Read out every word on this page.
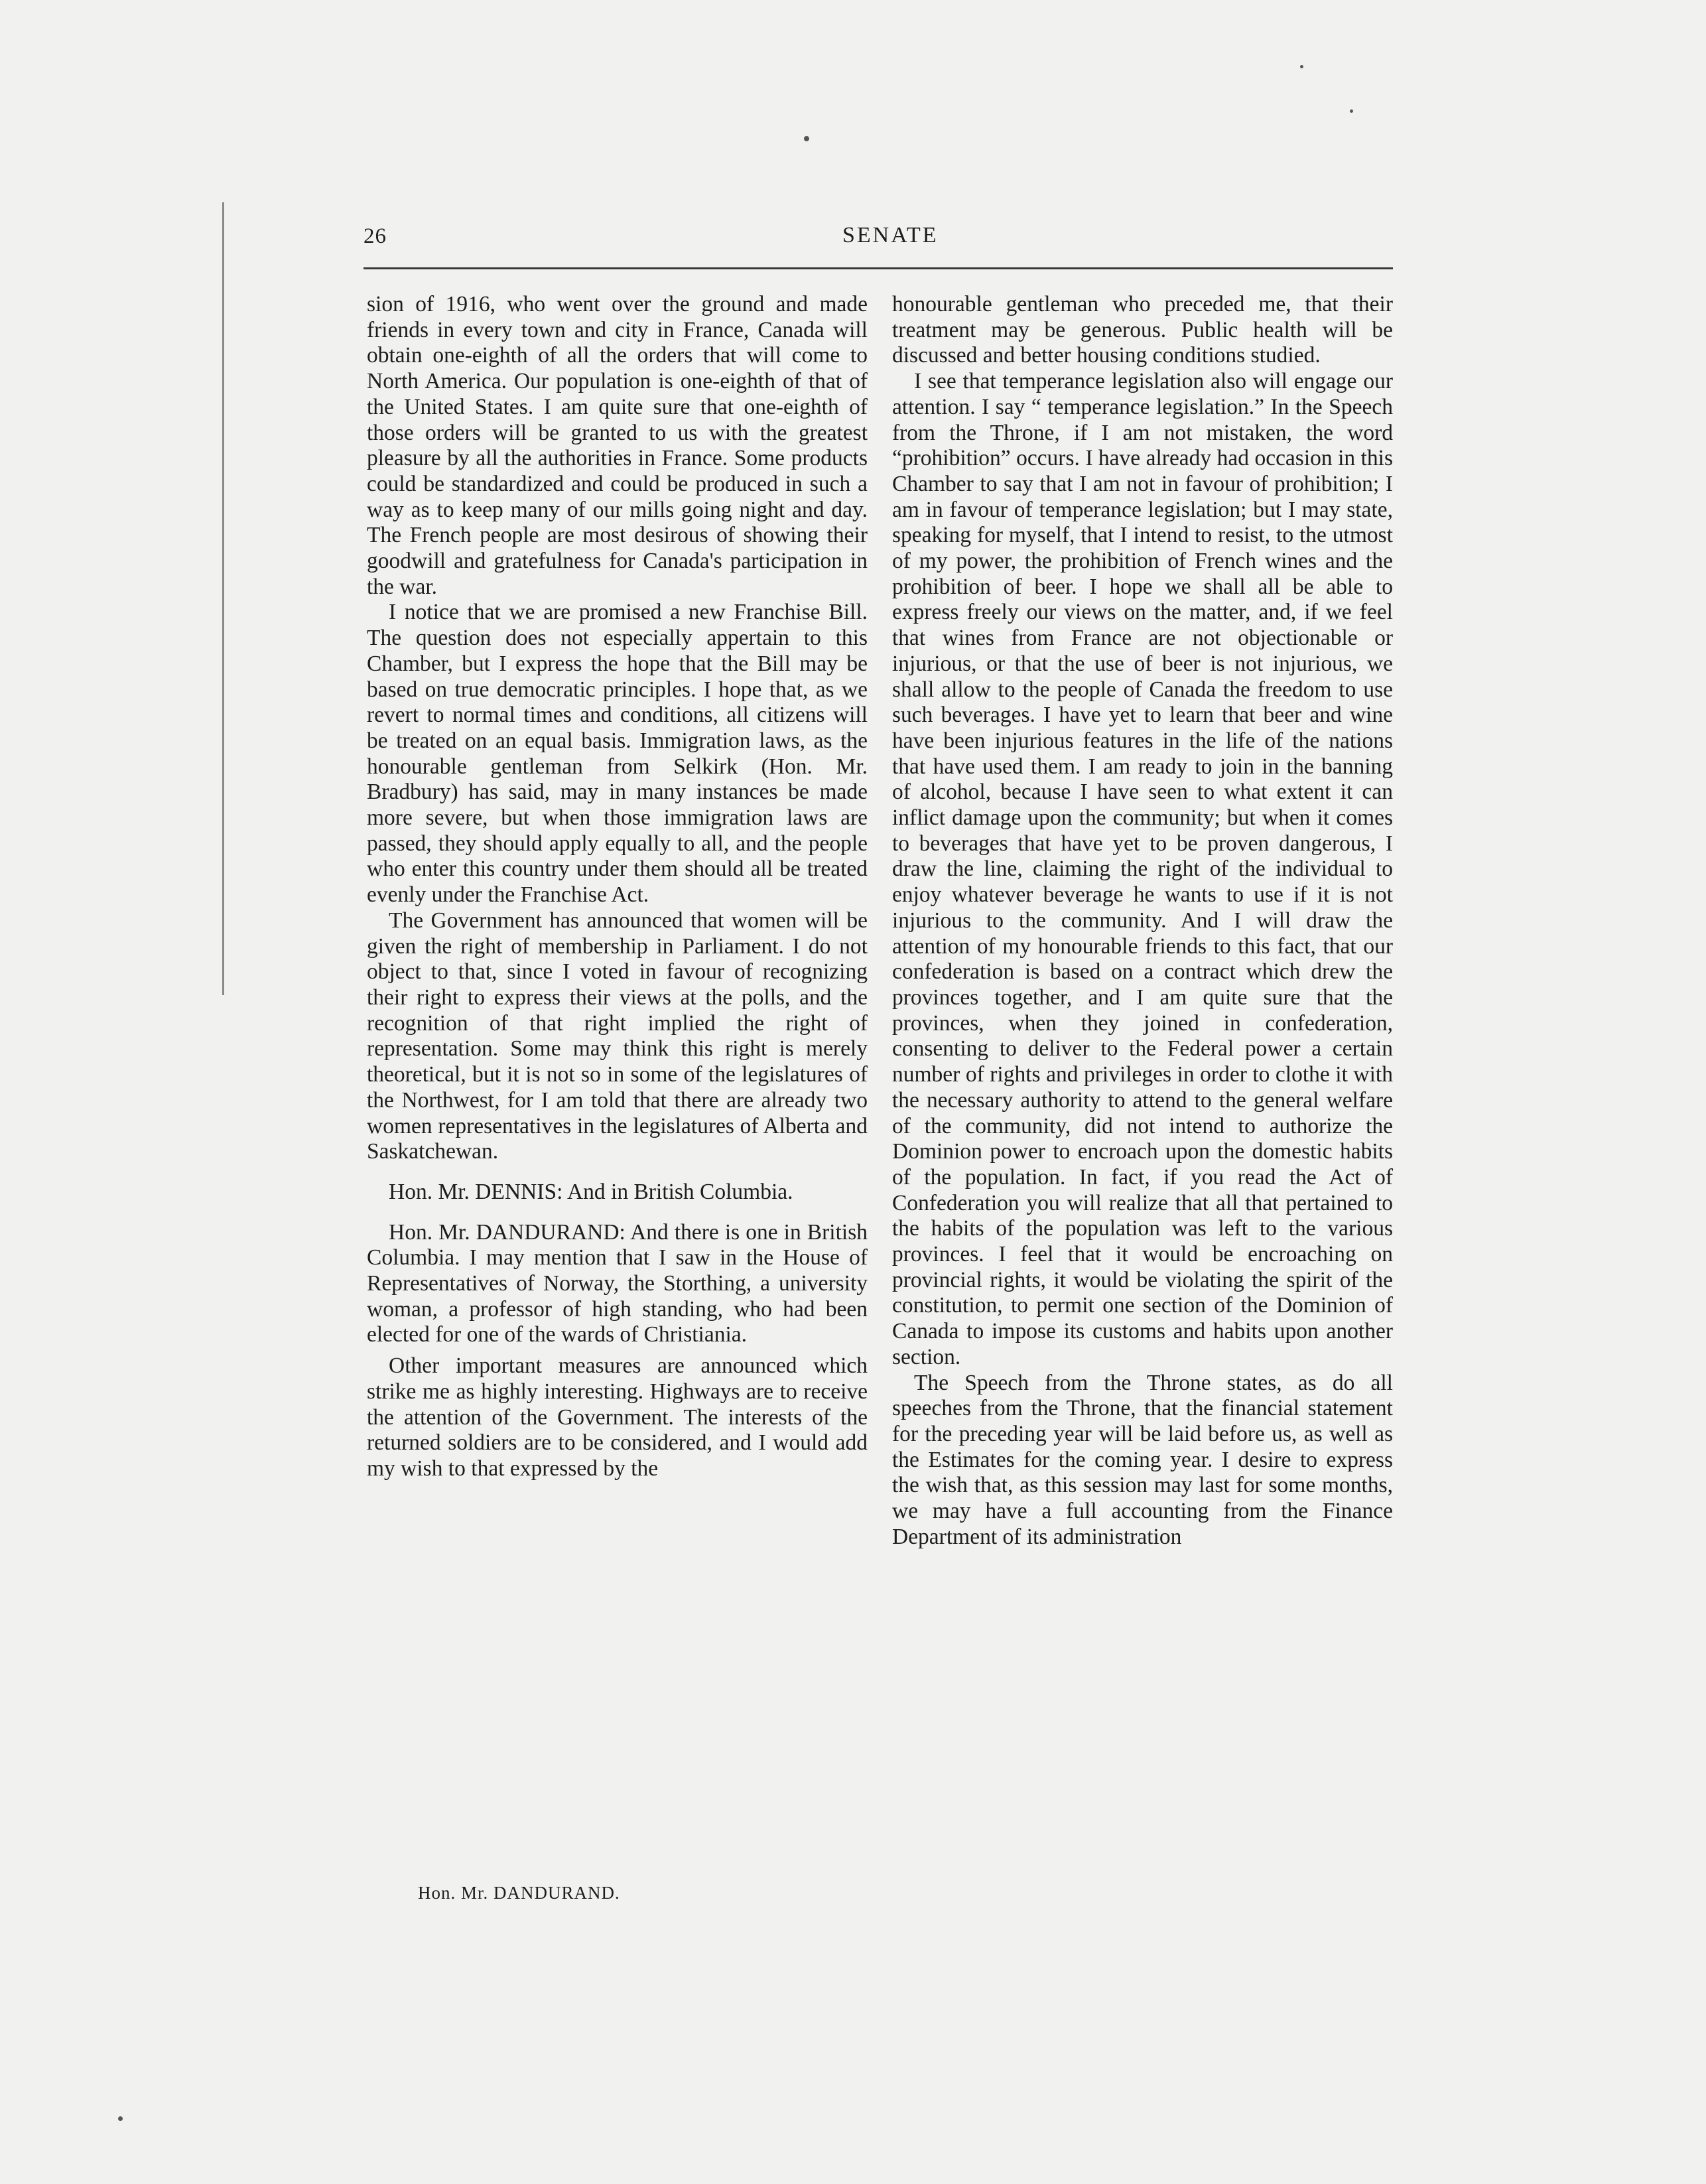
26	SENATE

sion of 1916, who went over the ground and made friends in every town and city in France, Canada will obtain one-eighth of all the orders that will come to North America. Our population is one-eighth of that of the United States. I am quite sure that one-eighth of those orders will be granted to us with the greatest pleasure by all the authorities in France. Some products could be standardized and could be produced in such a way as to keep many of our mills going night and day. The French people are most desirous of showing their goodwill and gratefulness for Canada's participation in the war.

I notice that we are promised a new Franchise Bill. The question does not especially appertain to this Chamber, but I express the hope that the Bill may be based on true democratic principles. I hope that, as we revert to normal times and conditions, all citizens will be treated on an equal basis. Immigration laws, as the honourable gentleman from Selkirk (Hon. Mr. Bradbury) has said, may in many instances be made more severe, but when those immigration laws are passed, they should apply equally to all, and the people who enter this country under them should all be treated evenly under the Franchise Act.

The Government has announced that women will be given the right of membership in Parliament. I do not object to that, since I voted in favour of recognizing their right to express their views at the polls, and the recognition of that right implied the right of representation. Some may think this right is merely theoretical, but it is not so in some of the legislatures of the Northwest, for I am told that there are already two women representatives in the legislatures of Alberta and Saskatchewan.

Hon. Mr. DENNIS: And in British Columbia.

Hon. Mr. DANDURAND: And there is one in British Columbia. I may mention that I saw in the House of Representatives of Norway, the Storthing, a university woman, a professor of high standing, who had been elected for one of the wards of Christiania.

Other important measures are announced which strike me as highly interesting. Highways are to receive the attention of the Government. The interests of the returned soldiers are to be considered, and I would add my wish to that expressed by the

honourable gentleman who preceded me, that their treatment may be generous. Public health will be discussed and better housing conditions studied.

I see that temperance legislation also will engage our attention. I say “ temperance legislation.” In the Speech from the Throne, if I am not mistaken, the word “prohibition” occurs. I have already had occasion in this Chamber to say that I am not in favour of prohibition; I am in favour of temperance legislation; but I may state, speaking for myself, that I intend to resist, to the utmost of my power, the prohibition of French wines and the prohibition of beer. I hope we shall all be able to express freely our views on the matter, and, if we feel that wines from France are not objectionable or injurious, or that the use of beer is not injurious, we shall allow to the people of Canada the freedom to use such beverages. I have yet to learn that beer and wine have been injurious features in the life of the nations that have used them. I am ready to join in the banning of alcohol, because I have seen to what extent it can inflict damage upon the community; but when it comes to beverages that have yet to be proven dangerous, I draw the line, claiming the right of the individual to enjoy whatever beverage he wants to use if it is not injurious to the community. And I will draw the attention of my honourable friends to this fact, that our confederation is based on a contract which drew the provinces together, and I am quite sure that the provinces, when they joined in confederation, consenting to deliver to the Federal power a certain number of rights and privileges in order to clothe it with the necessary authority to attend to the general welfare of the community, did not intend to authorize the Dominion power to encroach upon the domestic habits of the population. In fact, if you read the Act of Confederation you will realize that all that pertained to the habits of the population was left to the various provinces. I feel that it would be encroaching on provincial rights, it would be violating the spirit of the constitution, to permit one section of the Dominion of Canada to impose its customs and habits upon another section.

The Speech from the Throne states, as do all speeches from the Throne, that the financial statement for the preceding year will be laid before us, as well as the Estimates for the coming year. I desire to express the wish that, as this session may last for some months, we may have a full accounting from the Finance Department of its administration

Hon. Mr. DANDURAND.
